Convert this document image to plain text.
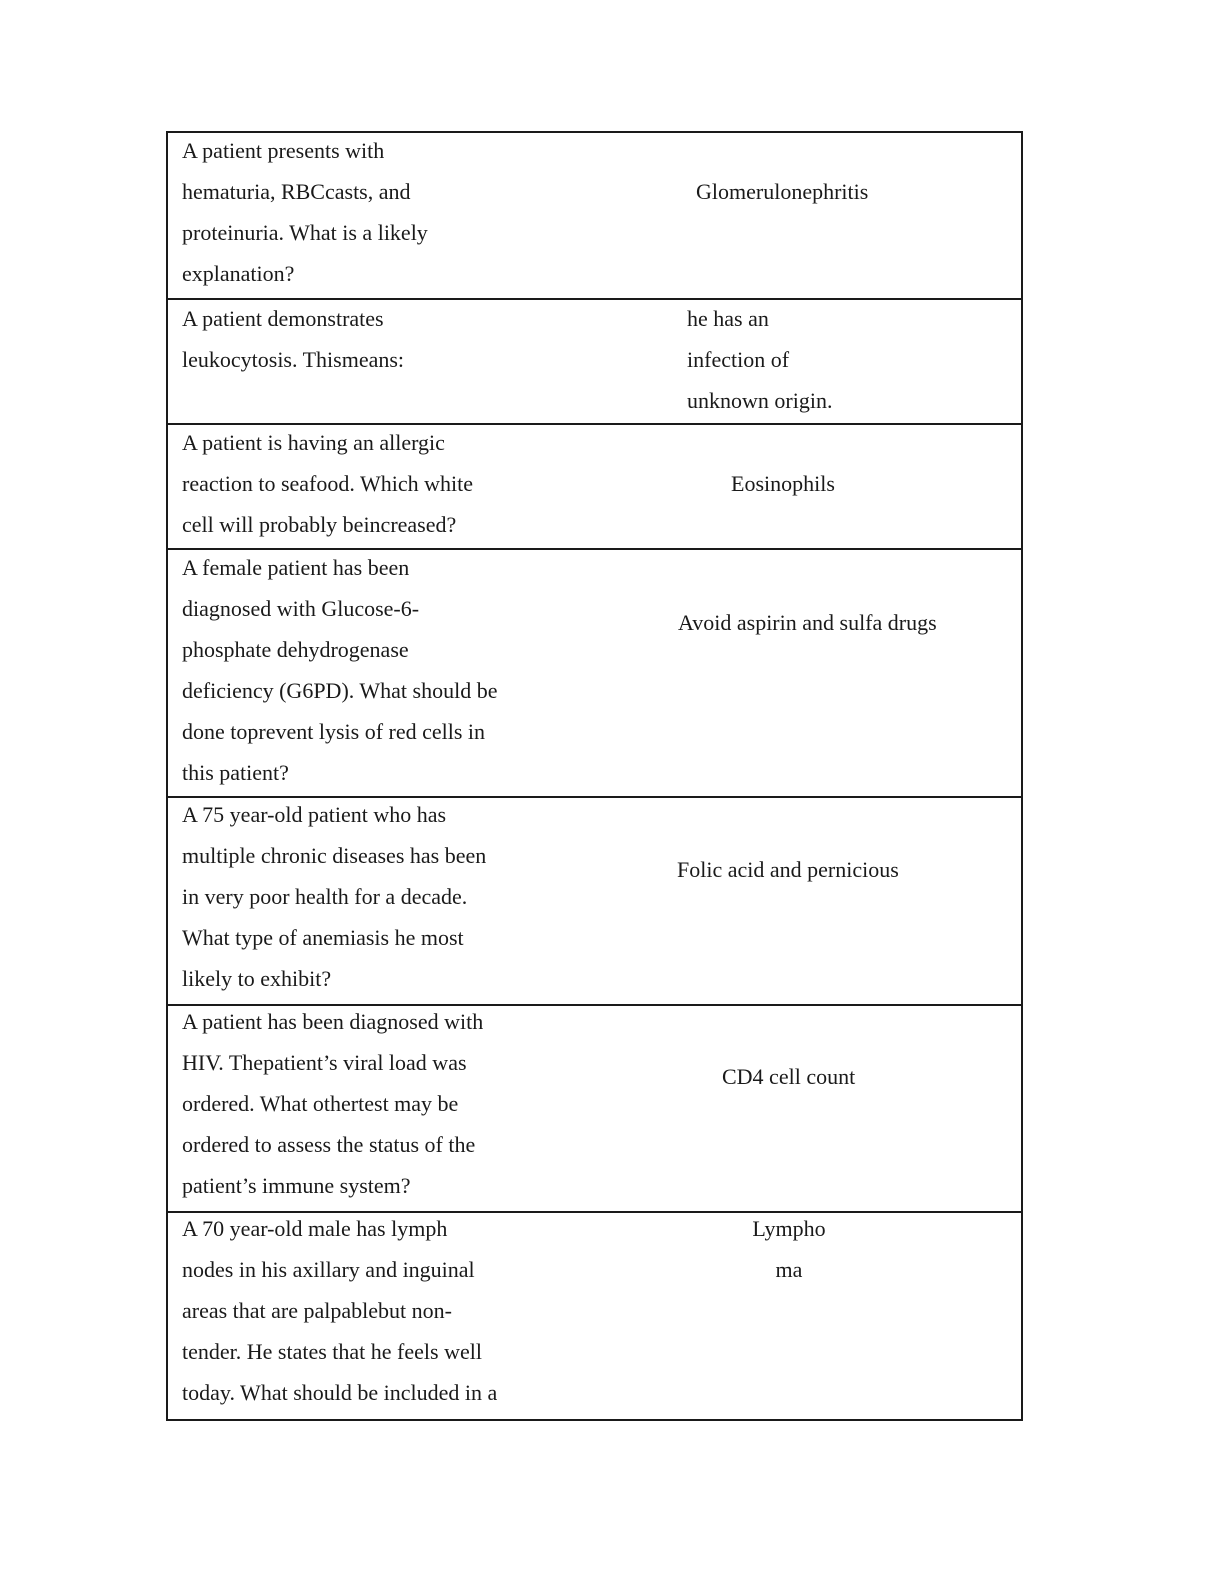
A patient presents with
hematuria, RBCcasts, and
proteinuria. What is a likely
explanation?
Glomerulonephritis
A patient demonstrates
leukocytosis. Thismeans:
he has an
infection of
unknown origin.
A patient is having an allergic
reaction to seafood. Which white
cell will probably beincreased?
Eosinophils
A female patient has been
diagnosed with Glucose-6-
phosphate dehydrogenase
deficiency (G6PD). What should be
done toprevent lysis of red cells in
this patient?
Avoid aspirin and sulfa drugs
A 75 year-old patient who has
multiple chronic diseases has been
in very poor health for a decade.
What type of anemiasis he most
likely to exhibit?
Folic acid and pernicious
A patient has been diagnosed with
HIV. Thepatient’s viral load was
ordered. What othertest may be
ordered to assess the status of the
patient’s immune system?
CD4 cell count
A 70 year-old male has lymph
nodes in his axillary and inguinal
areas that are palpablebut non-
tender. He states that he feels well
today. What should be included in a
Lympho
ma
